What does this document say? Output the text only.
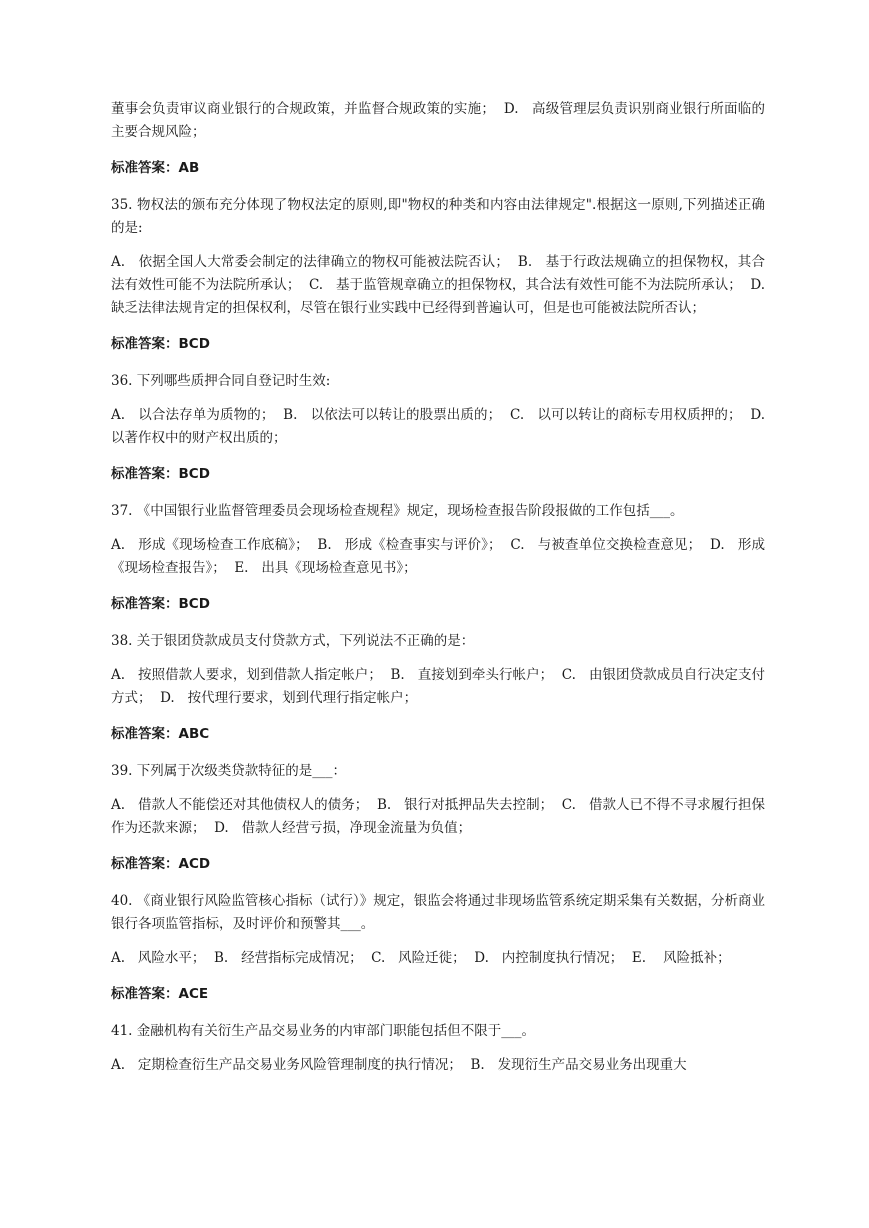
董事会负责审议商业银行的合规政策，并监督合规政策的实施；  D.   高级管理层负责识别商业银行所面临的主要合规风险；

标准答案：AB

35. 物权法的颁布充分体现了物权法定的原则,即"物权的种类和内容由法律规定".根据这一原则,下列描述正确的是:

A.   依据全国人大常委会制定的法律确立的物权可能被法院否认；  B.   基于行政法规确立的担保物权，其合法有效性可能不为法院所承认；  C.   基于监管规章确立的担保物权，其合法有效性可能不为法院所承认；  D.   缺乏法律法规肯定的担保权利，尽管在银行业实践中已经得到普遍认可，但是也可能被法院所否认；

标准答案：BCD

36. 下列哪些质押合同自登记时生效:

A.   以合法存单为质物的；  B.   以依法可以转让的股票出质的；  C.   以可以转让的商标专用权质押的；  D.   以著作权中的财产权出质的；

标准答案：BCD

37. 《中国银行业监督管理委员会现场检查规程》规定，现场检查报告阶段报做的工作包括___。

A.   形成《现场检查工作底稿》；  B.   形成《检查事实与评价》；  C.   与被查单位交换检查意见；  D.   形成《现场检查报告》；  E.   出具《现场检查意见书》；

标准答案：BCD

38. 关于银团贷款成员支付贷款方式，下列说法不正确的是：

A.   按照借款人要求，划到借款人指定帐户；  B.   直接划到牵头行帐户；  C.   由银团贷款成员自行决定支付方式；  D.   按代理行要求，划到代理行指定帐户；

标准答案：ABC

39. 下列属于次级类贷款特征的是___：

A.   借款人不能偿还对其他债权人的债务；  B.   银行对抵押品失去控制；  C.   借款人已不得不寻求履行担保作为还款来源；  D.   借款人经营亏损，净现金流量为负值；

标准答案：ACD

40. 《商业银行风险监管核心指标（试行）》规定，银监会将通过非现场监管系统定期采集有关数据，分析商业银行各项监管指标，及时评价和预警其___。

A.   风险水平；  B.   经营指标完成情况；  C.   风险迁徙；  D.   内控制度执行情况；  E.    风险抵补；

标准答案：ACE

41. 金融机构有关衍生产品交易业务的内审部门职能包括但不限于___。

A.   定期检查衍生产品交易业务风险管理制度的执行情况；  B.   发现衍生产品交易业务出现重大
